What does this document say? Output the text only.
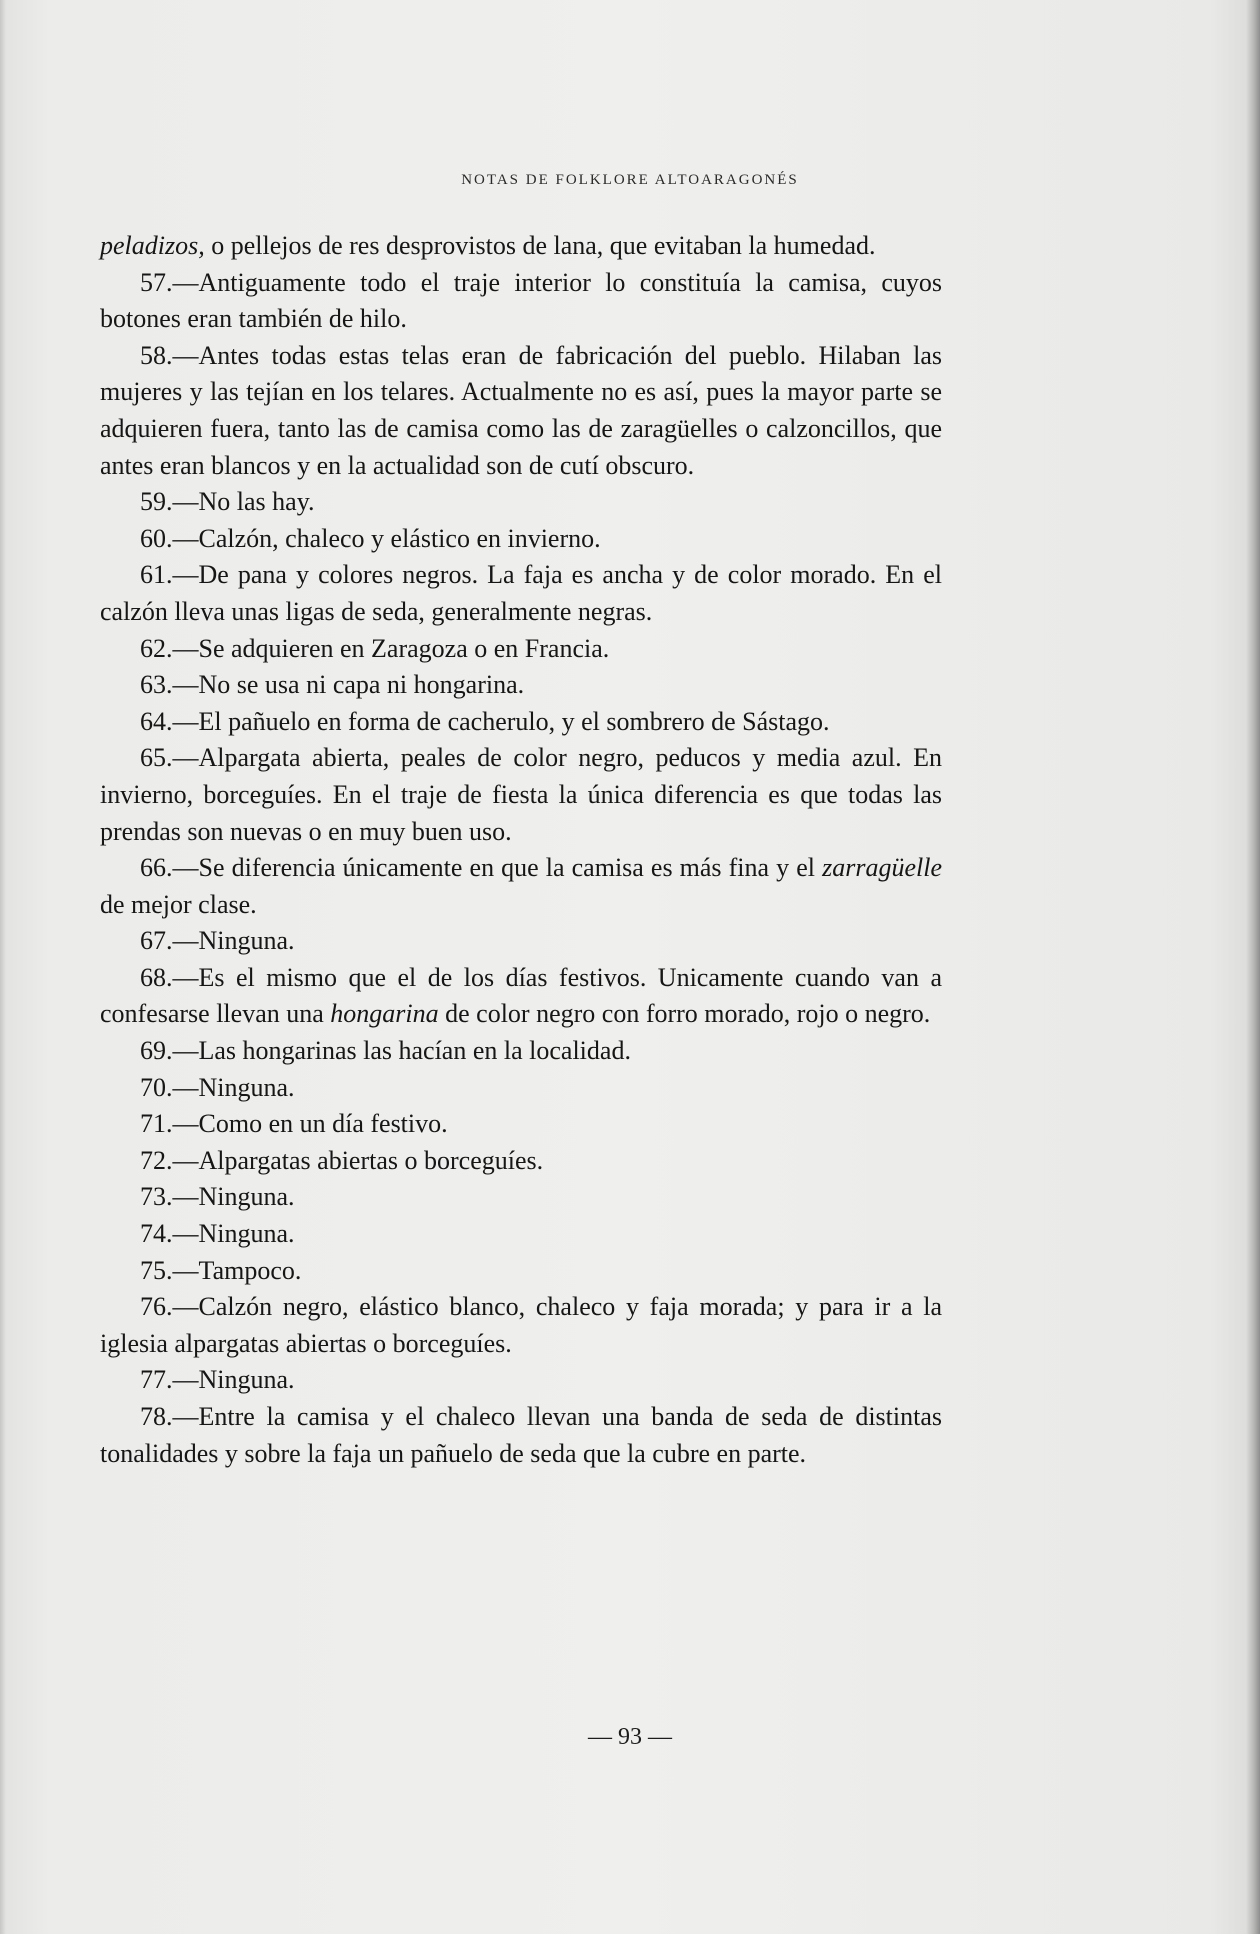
NOTAS DE FOLKLORE ALTOARAGONÉS

peladizos, o pellejos de res desprovistos de lana, que evitaban la humedad.

57.—Antiguamente todo el traje interior lo constituía la camisa, cuyos botones eran también de hilo.

58.—Antes todas estas telas eran de fabricación del pueblo. Hilaban las mujeres y las tejían en los telares. Actualmente no es así, pues la mayor parte se adquieren fuera, tanto las de camisa como las de zaragüelles o calzoncillos, que antes eran blancos y en la actualidad son de cutí obscuro.

59.—No las hay.

60.—Calzón, chaleco y elástico en invierno.

61.—De pana y colores negros. La faja es ancha y de color morado. En el calzón lleva unas ligas de seda, generalmente negras.

62.—Se adquieren en Zaragoza o en Francia.

63.—No se usa ni capa ni hongarina.

64.—El pañuelo en forma de cacherulo, y el sombrero de Sástago.

65.—Alpargata abierta, peales de color negro, peducos y media azul. En invierno, borceguíes. En el traje de fiesta la única diferencia es que todas las prendas son nuevas o en muy buen uso.

66.—Se diferencia únicamente en que la camisa es más fina y el zarragüelle de mejor clase.

67.—Ninguna.

68.—Es el mismo que el de los días festivos. Unicamente cuando van a confesarse llevan una hongarina de color negro con forro morado, rojo o negro.

69.—Las hongarinas las hacían en la localidad.

70.—Ninguna.

71.—Como en un día festivo.

72.—Alpargatas abiertas o borceguíes.

73.—Ninguna.

74.—Ninguna.

75.—Tampoco.

76.—Calzón negro, elástico blanco, chaleco y faja morada; y para ir a la iglesia alpargatas abiertas o borceguíes.

77.—Ninguna.

78.—Entre la camisa y el chaleco llevan una banda de seda de distintas tonalidades y sobre la faja un pañuelo de seda que la cubre en parte.

— 93 —
